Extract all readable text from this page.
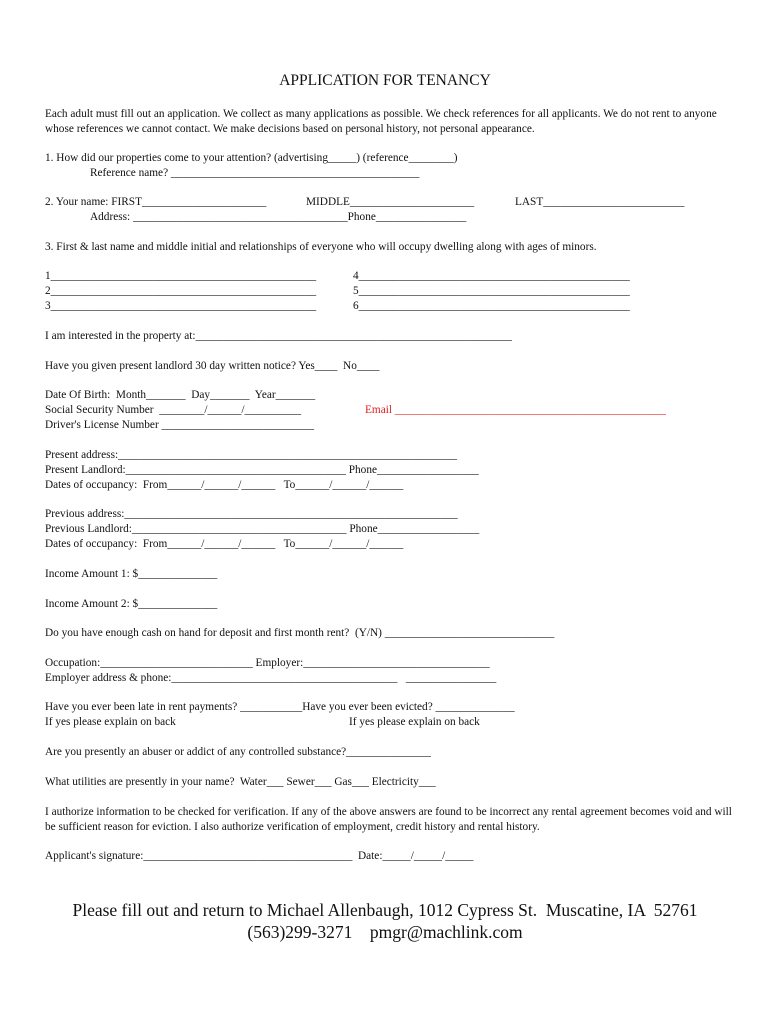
APPLICATION FOR TENANCY
Each adult must fill out an application. We collect as many applications as possible. We check references for all applicants. We do not rent to anyone whose references we cannot contact. We make decisions based on personal history, not personal appearance.
1. How did our properties come to your attention? (advertising_____) (reference________)
Reference name? ____________________________________________
2. Your name: FIRST______________________	MIDDLE______________________	LAST_________________________
Address: ______________________________________Phone________________
3. First & last name and middle initial and relationships of everyone who will occupy dwelling along with ages of minors.
1_______________________________________________
2_______________________________________________
3_______________________________________________
4________________________________________________
5________________________________________________
6________________________________________________
I am interested in the property at:________________________________________________________
Have you given present landlord 30 day written notice? Yes____  No____
Date Of Birth:  Month_______  Day_______  Year_______
Social Security Number  ________/______/__________	Email ________________________________________________
Driver's License Number ___________________________
Present address:____________________________________________________________
Present Landlord:_______________________________________ Phone__________________
Dates of occupancy:  From______/______/______   To______/______/______
Previous address:___________________________________________________________
Previous Landlord:______________________________________ Phone__________________
Dates of occupancy:  From______/______/______   To______/______/______
Income Amount 1: $______________
Income Amount 2: $______________
Do you have enough cash on hand for deposit and first month rent?  (Y/N) ______________________________
Occupation:___________________________ Employer:_________________________________
Employer address & phone:________________________________________   ________________
Have you ever been late in rent payments? ___________Have you ever been evicted? ______________
If yes please explain on back	If yes please explain on back
Are you presently an abuser or addict of any controlled substance?_______________
What utilities are presently in your name?  Water___ Sewer___ Gas___ Electricity___
I authorize information to be checked for verification. If any of the above answers are found to be incorrect any rental agreement becomes void and will be sufficient reason for eviction. I also authorize verification of employment, credit history and rental history.
Applicant's signature:_____________________________________  Date:_____/_____/_____
Please fill out and return to Michael Allenbaugh, 1012 Cypress St.  Muscatine, IA  52761
(563)299-3271    pmgr@machlink.com
